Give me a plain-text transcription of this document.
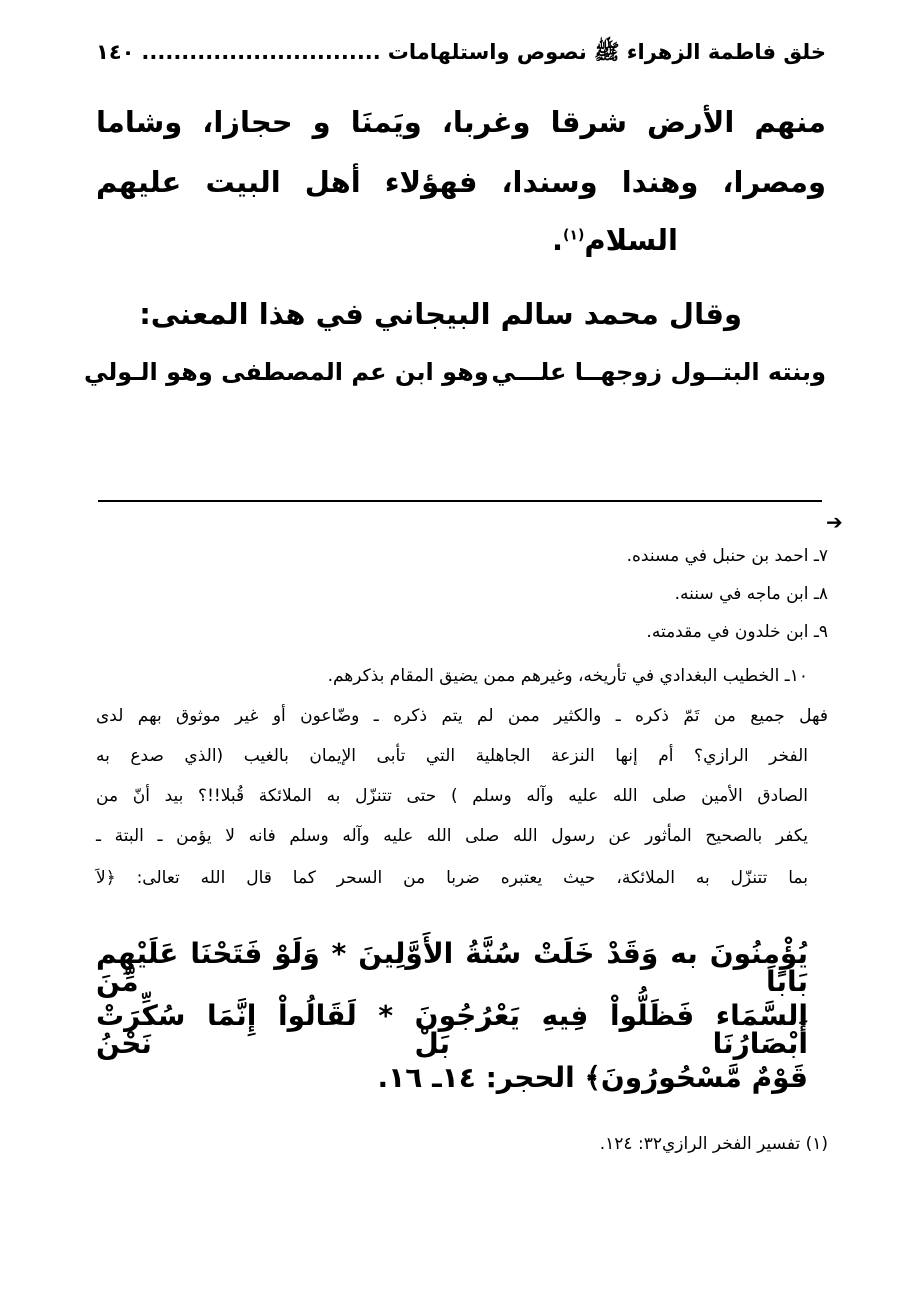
خلق فاطمة الزهراء ﷺ نصوص واستلهامات
..............................
١٤٠
منهم الأرض شرقا وغربا، ويَمنَا و حجازا، وشاما
ومصرا، وهندا وسندا، فهؤلاء أهل البيت عليهم
السلام$^{(١)}$.
وقال محمد سالم البيجاني في هذا المعنى:
وبنته البتــول زوجهــا علـــي
وهو ابن عم المصطفى وهو الـولي
➔
٧ـ احمد بن حنبل في مسنده.
٨ـ ابن ماجه في سننه.
٩ـ ابن خلدون في مقدمته.
١٠ـ الخطيب البغدادي في تأريخه، وغيرهم ممن يضيق المقام بذكرهم.
فهل جميع من تَمّ ذكره ـ والكثير ممن لم يتم ذكره ـ وضّاعون أو غير موثوق بهم لدى
الفخر الرازي؟ أم إنها النزعة الجاهلية التي تأبى الإيمان بالغيب (الذي صدع به
الصادق الأمين صلى الله عليه وآله وسلم ) حتى تتنزّل به الملائكة قُبلا!!؟ بيد أنّ من
يكفر بالصحيح المأثور عن رسول الله صلى الله عليه وآله وسلم فانه لا يؤمن ـ البتة ـ
بما تتنزّل به الملائكة، حيث يعتبره ضربا من السحر كما قال الله تعالى: ﴿لاَ
يُؤْمِنُونَ به وَقَدْ خَلَتْ سُنَّةُ الأَوَّلِينَ * وَلَوْ فَتَحْنَا عَلَيْهِم بَابًا مِّنَ
السَّمَاء فَظَلُّواْ فِيهِ يَعْرُجُونَ * لَقَالُواْ إِنَّمَا سُكِّرَتْ أَبْصَارُنَا بَلْ نَحْنُ
قَوْمٌ مَّسْحُورُونَ﴾ الحجر: ١٤ـ ١٦.
(١) تفسير الفخر الرازي٣٢: ١٢٤.
